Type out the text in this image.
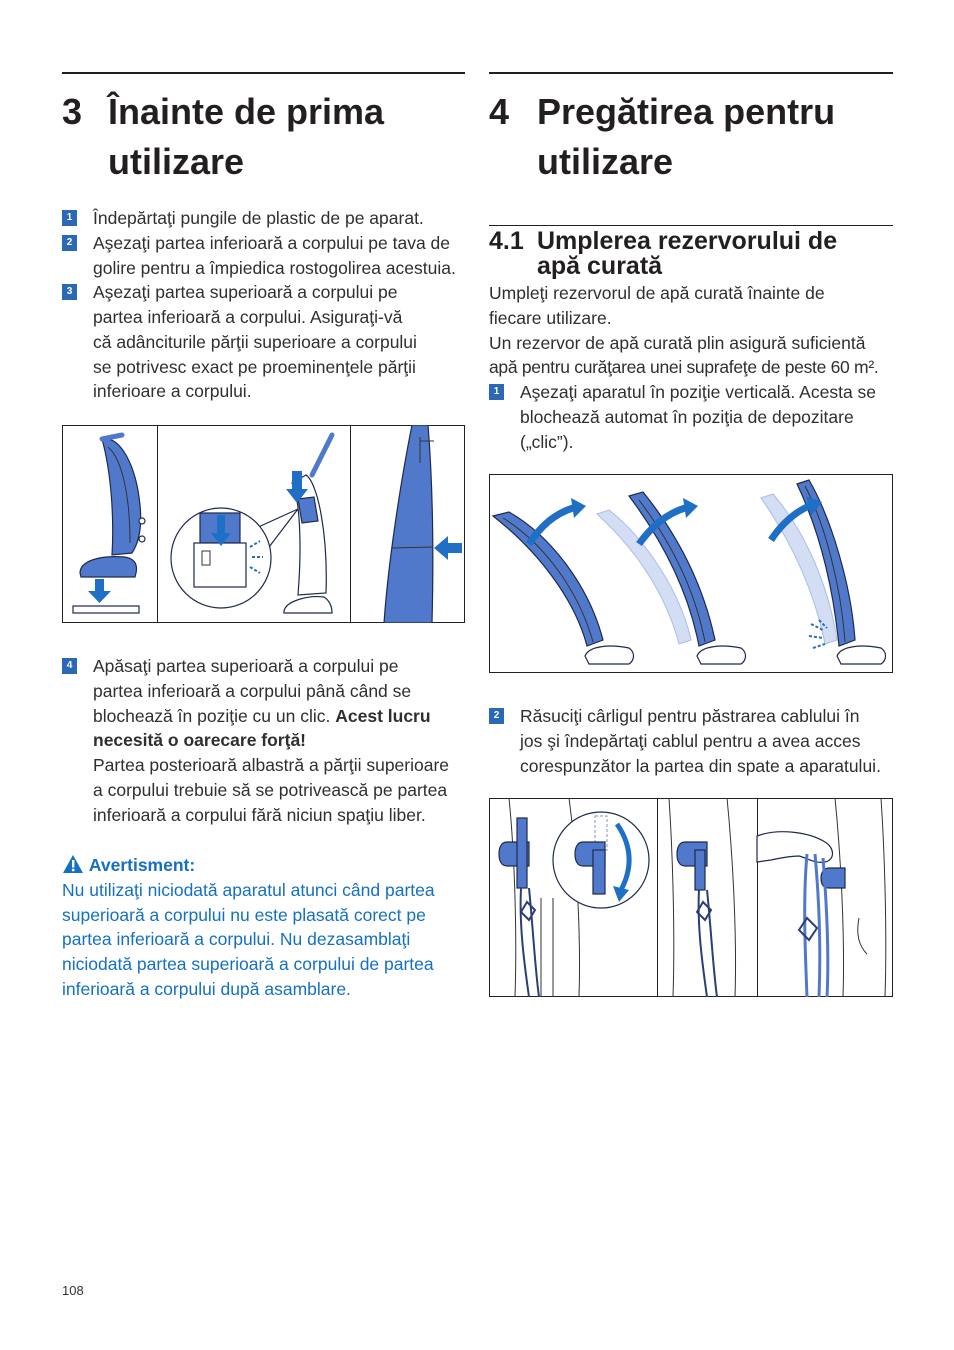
3 Înainte de prima
utilizare
1 Îndepărtaţi pungile de plastic de pe aparat.
2 Aşezaţi partea inferioară a corpului pe tava de
golire pentru a împiedica rostogolirea acestuia.
3 Aşezaţi partea superioară a corpului pe
partea inferioară a corpului. Asiguraţi-vă
că adânciturile părţii superioare a corpului
se potrivesc exact pe proeminenţele părţii
inferioare a corpului.
4 Apăsaţi partea superioară a corpului pe
partea inferioară a corpului până când se
blochează în poziţie cu un clic. Acest lucru
necesită o oarecare forţă!
Partea posterioară albastră a părţii superioare
a corpului trebuie să se potrivească pe partea
inferioară a corpului fără niciun spaţiu liber.
Avertisment:
Nu utilizaţi niciodată aparatul atunci când partea
superioară a corpului nu este plasată corect pe
partea inferioară a corpului. Nu dezasamblaţi
niciodată partea superioară a corpului de partea
inferioară a corpului după asamblare.
4 Pregătirea pentru
utilizare
4.1 Umplerea rezervorului de
apă curată
Umpleţi rezervorul de apă curată înainte de
fiecare utilizare.
Un rezervor de apă curată plin asigură suficientă
apă pentru curăţarea unei suprafeţe de peste 60 m².
1 Aşezaţi aparatul în poziţie verticală. Acesta se
blochează automat în poziţia de depozitare
(„clic”).
2 Răsuciţi cârligul pentru păstrarea cablului în
jos şi îndepărtaţi cablul pentru a avea acces
corespunzător la partea din spate a aparatului.
108
